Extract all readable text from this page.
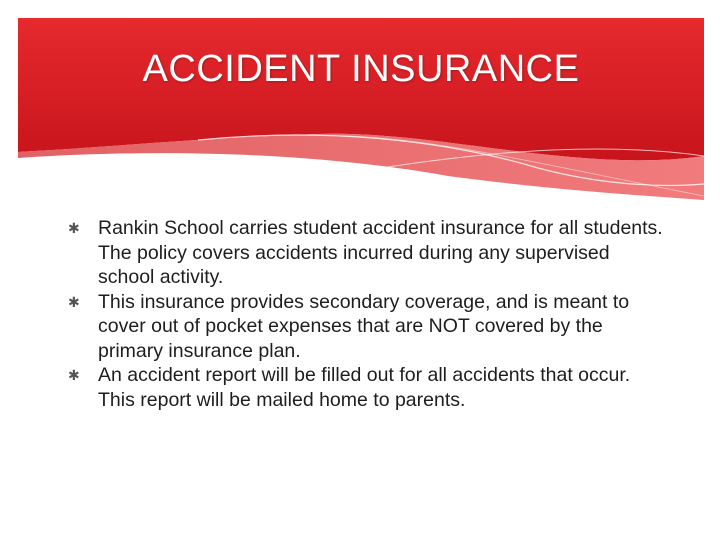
ACCIDENT INSURANCE
✱ Rankin School carries student accident insurance for all students. The policy covers accidents incurred during any supervised school activity.
✱ This insurance provides secondary coverage, and is meant to cover out of pocket expenses that are NOT covered by the primary insurance plan.
✱ An accident report will be filled out for all accidents that occur. This report will be mailed home to parents.
